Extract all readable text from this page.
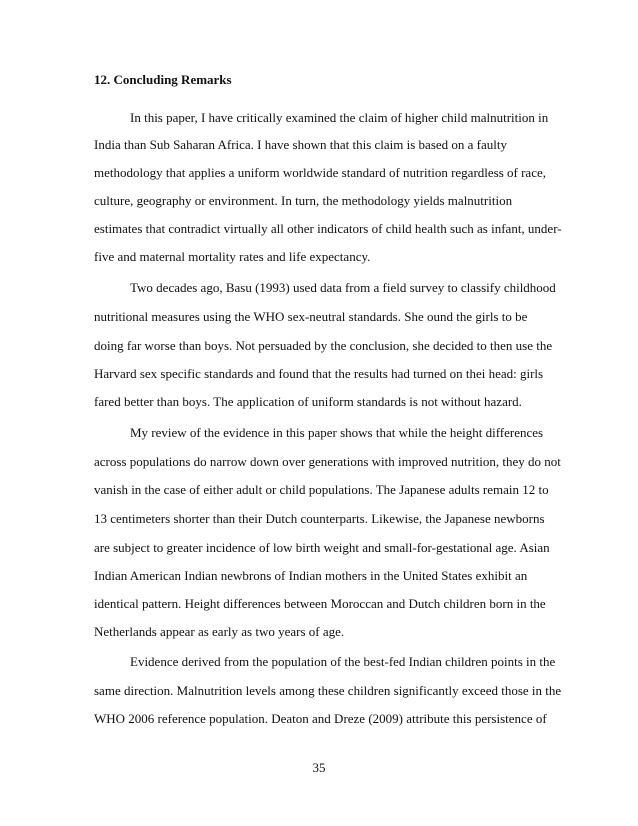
12. Concluding Remarks
In this paper, I have critically examined the claim of higher child malnutrition in
India than Sub Saharan Africa. I have shown that this claim is based on a faulty
methodology that applies a uniform worldwide standard of nutrition regardless of race,
culture, geography or environment. In turn, the methodology yields malnutrition
estimates that contradict virtually all other indicators of child health such as infant, under-
five and maternal mortality rates and life expectancy.
Two decades ago, Basu (1993) used data from a field survey to classify childhood
nutritional measures using the WHO sex-neutral standards. She ound the girls to be
doing far worse than boys. Not persuaded by the conclusion, she decided to then use the
Harvard sex specific standards and found that the results had turned on thei head: girls
fared better than boys. The application of uniform standards is not without hazard.
My review of the evidence in this paper shows that while the height differences
across populations do narrow down over generations with improved nutrition, they do not
vanish in the case of either adult or child populations. The Japanese adults remain 12 to
13 centimeters shorter than their Dutch counterparts. Likewise, the Japanese newborns
are subject to greater incidence of low birth weight and small-for-gestational age. Asian
Indian American Indian newbrons of Indian mothers in the United States exhibit an
identical pattern. Height differences between Moroccan and Dutch children born in the
Netherlands appear as early as two years of age.
Evidence derived from the population of the best-fed Indian children points in the
same direction. Malnutrition levels among these children significantly exceed those in the
WHO 2006 reference population. Deaton and Dreze (2009) attribute this persistence of
35
